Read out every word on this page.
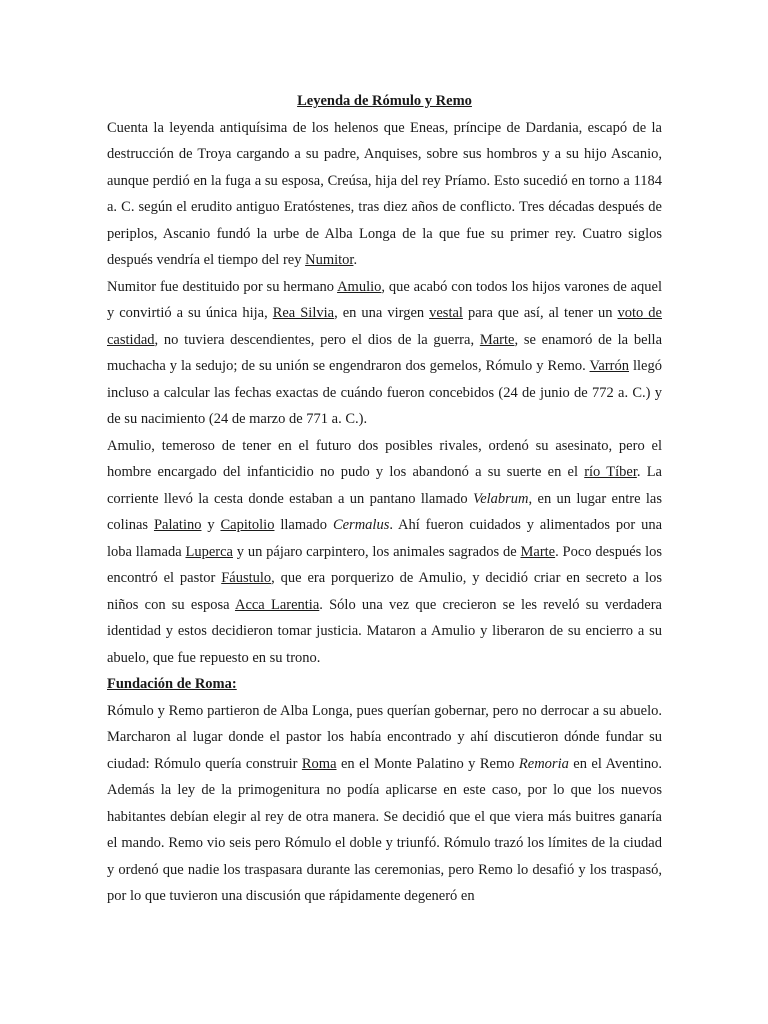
Leyenda de Rómulo y Remo

Cuenta la leyenda antiquísima de los helenos que Eneas, príncipe de Dardania, escapó de la destrucción de Troya cargando a su padre, Anquises, sobre sus hombros y a su hijo Ascanio, aunque perdió en la fuga a su esposa, Creúsa, hija del rey Príamo. Esto sucedió en torno a 1184 a. C. según el erudito antiguo Eratóstenes, tras diez años de conflicto. Tres décadas después de periplos, Ascanio fundó la urbe de Alba Longa de la que fue su primer rey. Cuatro siglos después vendría el tiempo del rey Numitor.

Numitor fue destituido por su hermano Amulio, que acabó con todos los hijos varones de aquel y convirtió a su única hija, Rea Silvia, en una virgen vestal para que así, al tener un voto de castidad, no tuviera descendientes, pero el dios de la guerra, Marte, se enamoró de la bella muchacha y la sedujo; de su unión se engendraron dos gemelos, Rómulo y Remo. Varrón llegó incluso a calcular las fechas exactas de cuándo fueron concebidos (24 de junio de 772 a. C.) y de su nacimiento (24 de marzo de 771 a. C.).

Amulio, temeroso de tener en el futuro dos posibles rivales, ordenó su asesinato, pero el hombre encargado del infanticidio no pudo y los abandonó a su suerte en el río Tíber. La corriente llevó la cesta donde estaban a un pantano llamado Velabrum, en un lugar entre las colinas Palatino y Capitolio llamado Cermalus. Ahí fueron cuidados y alimentados por una loba llamada Luperca y un pájaro carpintero, los animales sagrados de Marte. Poco después los encontró el pastor Fáustulo, que era porquerizo de Amulio, y decidió criar en secreto a los niños con su esposa Acca Larentia. Sólo una vez que crecieron se les reveló su verdadera identidad y estos decidieron tomar justicia. Mataron a Amulio y liberaron de su encierro a su abuelo, que fue repuesto en su trono.

Fundación de Roma:

Rómulo y Remo partieron de Alba Longa, pues querían gobernar, pero no derrocar a su abuelo. Marcharon al lugar donde el pastor los había encontrado y ahí discutieron dónde fundar su ciudad: Rómulo quería construir Roma en el Monte Palatino y Remo Remoria en el Aventino. Además la ley de la primogenitura no podía aplicarse en este caso, por lo que los nuevos habitantes debían elegir al rey de otra manera. Se decidió que el que viera más buitres ganaría el mando. Remo vio seis pero Rómulo el doble y triunfó. Rómulo trazó los límites de la ciudad y ordenó que nadie los traspasara durante las ceremonias, pero Remo lo desafió y los traspasó, por lo que tuvieron una discusión que rápidamente degeneró en
